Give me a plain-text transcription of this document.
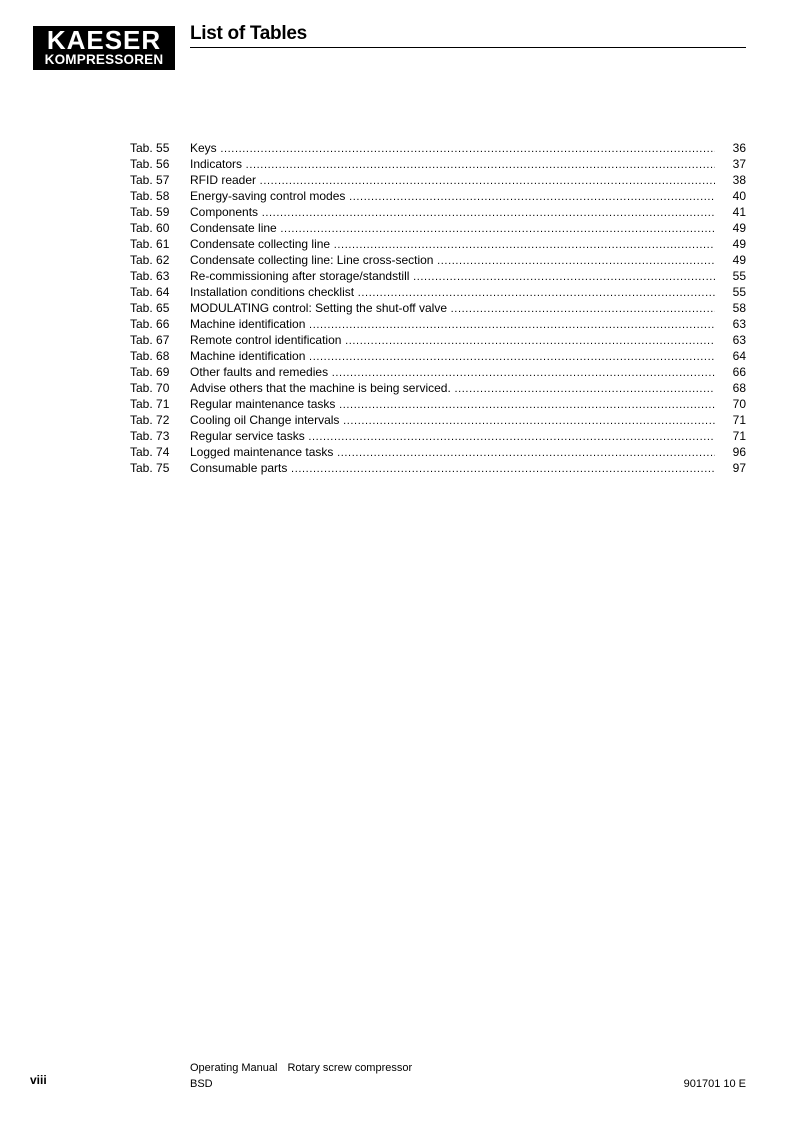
KAESER
KOMPRESSOREN
List of Tables
Tab. 55	Keys .....	36
Tab. 56	Indicators .....	37
Tab. 57	RFID reader .....	38
Tab. 58	Energy-saving control modes .....	40
Tab. 59	Components .....	41
Tab. 60	Condensate line .....	49
Tab. 61	Condensate collecting line .....	49
Tab. 62	Condensate collecting line: Line cross-section .....	49
Tab. 63	Re-commissioning after storage/standstill .....	55
Tab. 64	Installation conditions checklist .....	55
Tab. 65	MODULATING control: Setting the shut-off valve .....	58
Tab. 66	Machine identification .....	63
Tab. 67	Remote control identification .....	63
Tab. 68	Machine identification .....	64
Tab. 69	Other faults and remedies .....	66
Tab. 70	Advise others that the machine is being serviced. .....	68
Tab. 71	Regular maintenance tasks .....	70
Tab. 72	Cooling oil Change intervals .....	71
Tab. 73	Regular service tasks .....	71
Tab. 74	Logged maintenance tasks .....	96
Tab. 75	Consumable parts .....	97
viii
Operating Manual Rotary screw compressor
BSD	901701 10 E
